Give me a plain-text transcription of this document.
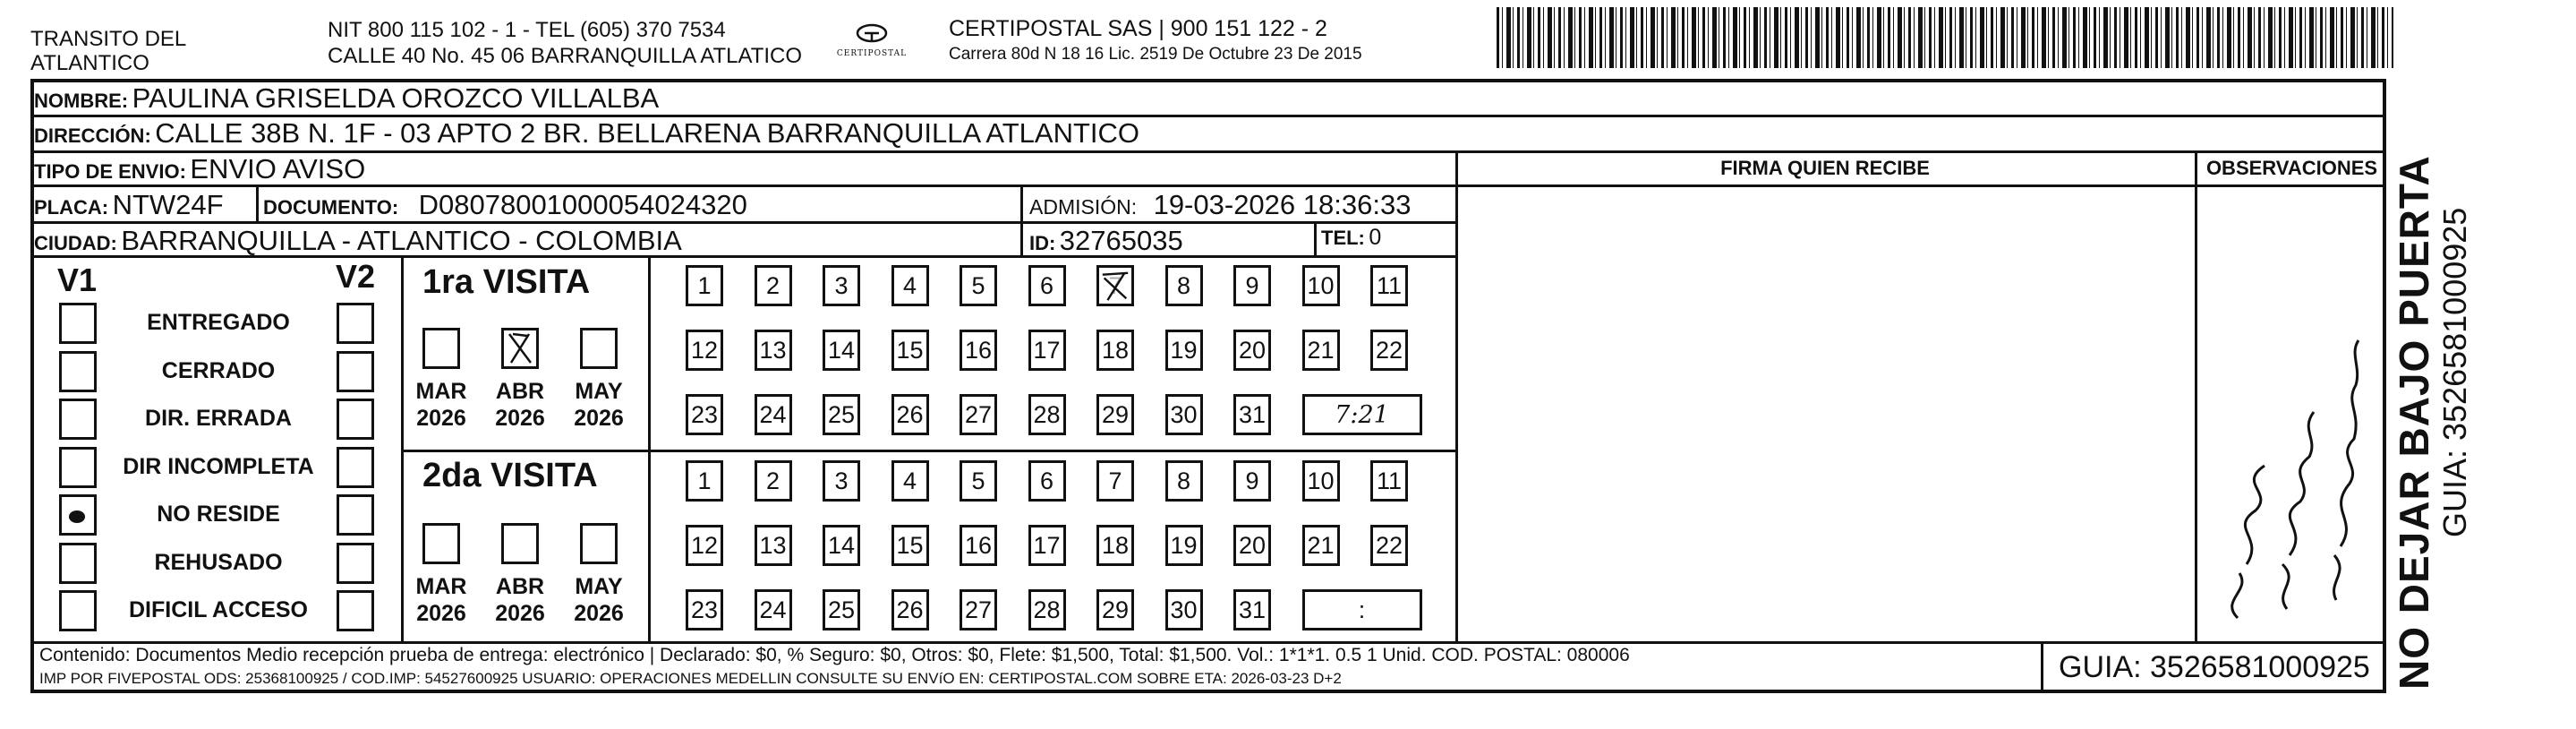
TRANSITO DEL ATLANTICO
NIT 800 115 102 - 1 - TEL (605) 370 7534
CALLE 40 No. 45 06 BARRANQUILLA ATLATICO	CERTIPOSTAL
CERTIPOSTAL SAS | 900 151 122 - 2
Carrera 80d N 18 16 Lic. 2519 De Octubre 23 De 2015
NOMBRE: PAULINA GRISELDA OROZCO VILLALBA
DIRECCIÓN: CALLE 38B N. 1F - 03 APTO 2 BR. BELLARENA BARRANQUILLA ATLANTICO
TIPO DE ENVIO: ENVIO AVISO	FIRMA QUIEN RECIBE	OBSERVACIONES
PLACA: NTW24F DOCUMENTO: D08078001000054024320	ADMISIÓN: 19-03-2026 18:36:33
CIUDAD: BARRANQUILLA - ATLANTICO - COLOMBIA	ID: 32765035	TEL: 0
V1	V2
ENTREGADO
CERRADO
DIR. ERRADA
DIR INCOMPLETA
NO RESIDE
REHUSADO
DIFICIL ACCESO
1ra VISITA
2da VISITA
MAR
2026
ABR
2026
MAY
2026
1 2 3 4 5 6 7 8 9 10 11
12 13 14 15 16 17 18 19 20 21 22
23 24 25 26 27 28 29 30 31	7:21
MAR
2026
ABR
2026
MAY
2026
1 2 3 4 5 6 7 8 9 10 11
12 13 14 15 16 17 18 19 20 21 22
23 24 25 26 27 28 29 30 31	:	NO DEJAR BAJO PUERTA GUIA: 3526581000925
Contenido: Documentos Medio recepción prueba de entrega: electrónico | Declarado: $0, % Seguro: $0, Otros: $0, Flete: $1,500, Total: $1,500. Vol.: 1*1*1. 0.5 1 Unid. COD. POSTAL: 080006
IMP POR FIVEPOSTAL ODS: 25368100925 / COD.IMP: 54527600925 USUARIO: OPERACIONES MEDELLIN CONSULTE SU ENVíO EN: CERTIPOSTAL.COM SOBRE ETA: 2026-03-23 D+2	GUIA: 3526581000925
